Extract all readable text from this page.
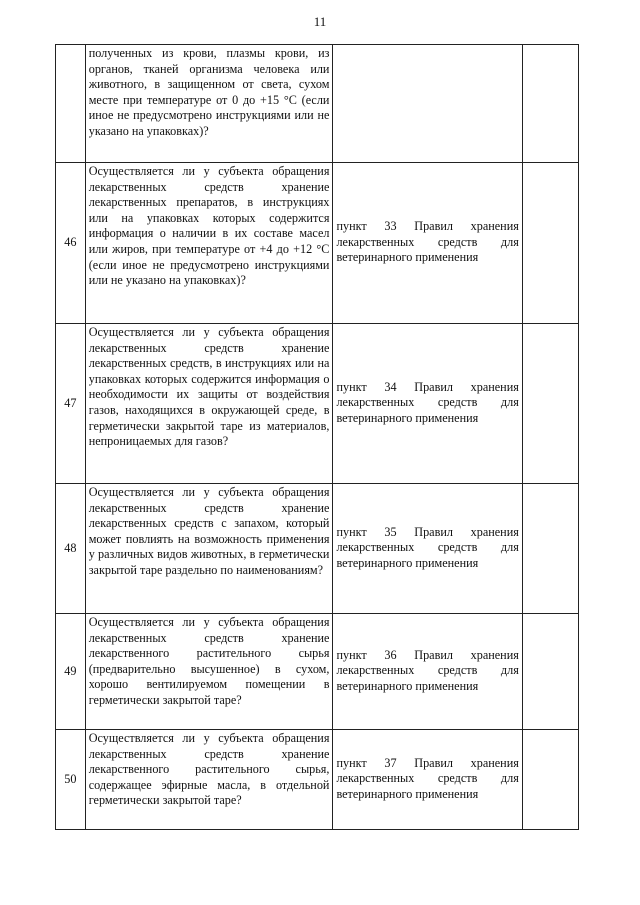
11
	полученных из крови, плазмы крови, из органов, тканей организма человека или животного, в защищенном от света, сухом месте при температуре от 0 до +15 °С (если иное не предусмотрено инструкциями или не указано на упаковках)?		
46	Осуществляется ли у субъекта обращения лекарственных средств хранение лекарственных препаратов, в инструкциях или на упаковках которых содержится информация о наличии в их составе масел или жиров, при температуре от +4 до +12 °С (если иное не предусмотрено инструкциями или не указано на упаковках)?	пункт 33 Правил хранения лекарственных средств для ветеринарного применения	
47	Осуществляется ли у субъекта обращения лекарственных средств хранение лекарственных средств, в инструкциях или на упаковках которых содержится информация о необходимости их защиты от воздействия газов, находящихся в окружающей среде, в герметически закрытой таре из материалов, непроницаемых для газов?	пункт 34 Правил хранения лекарственных средств для ветеринарного применения	
48	Осуществляется ли у субъекта обращения лекарственных средств хранение лекарственных средств с запахом, который может повлиять на возможность применения у различных видов животных, в герметически закрытой таре раздельно по наименованиям?	пункт 35 Правил хранения лекарственных средств для ветеринарного применения	
49	Осуществляется ли у субъекта обращения лекарственных средств хранение лекарственного растительного сырья (предварительно высушенное) в сухом, хорошо вентилируемом помещении в герметически закрытой таре?	пункт 36 Правил хранения лекарственных средств для ветеринарного применения	
50	Осуществляется ли у субъекта обращения лекарственных средств хранение лекарственного растительного сырья, содержащее эфирные масла, в отдельной герметически закрытой таре?	пункт 37 Правил хранения лекарственных средств для ветеринарного применения	
